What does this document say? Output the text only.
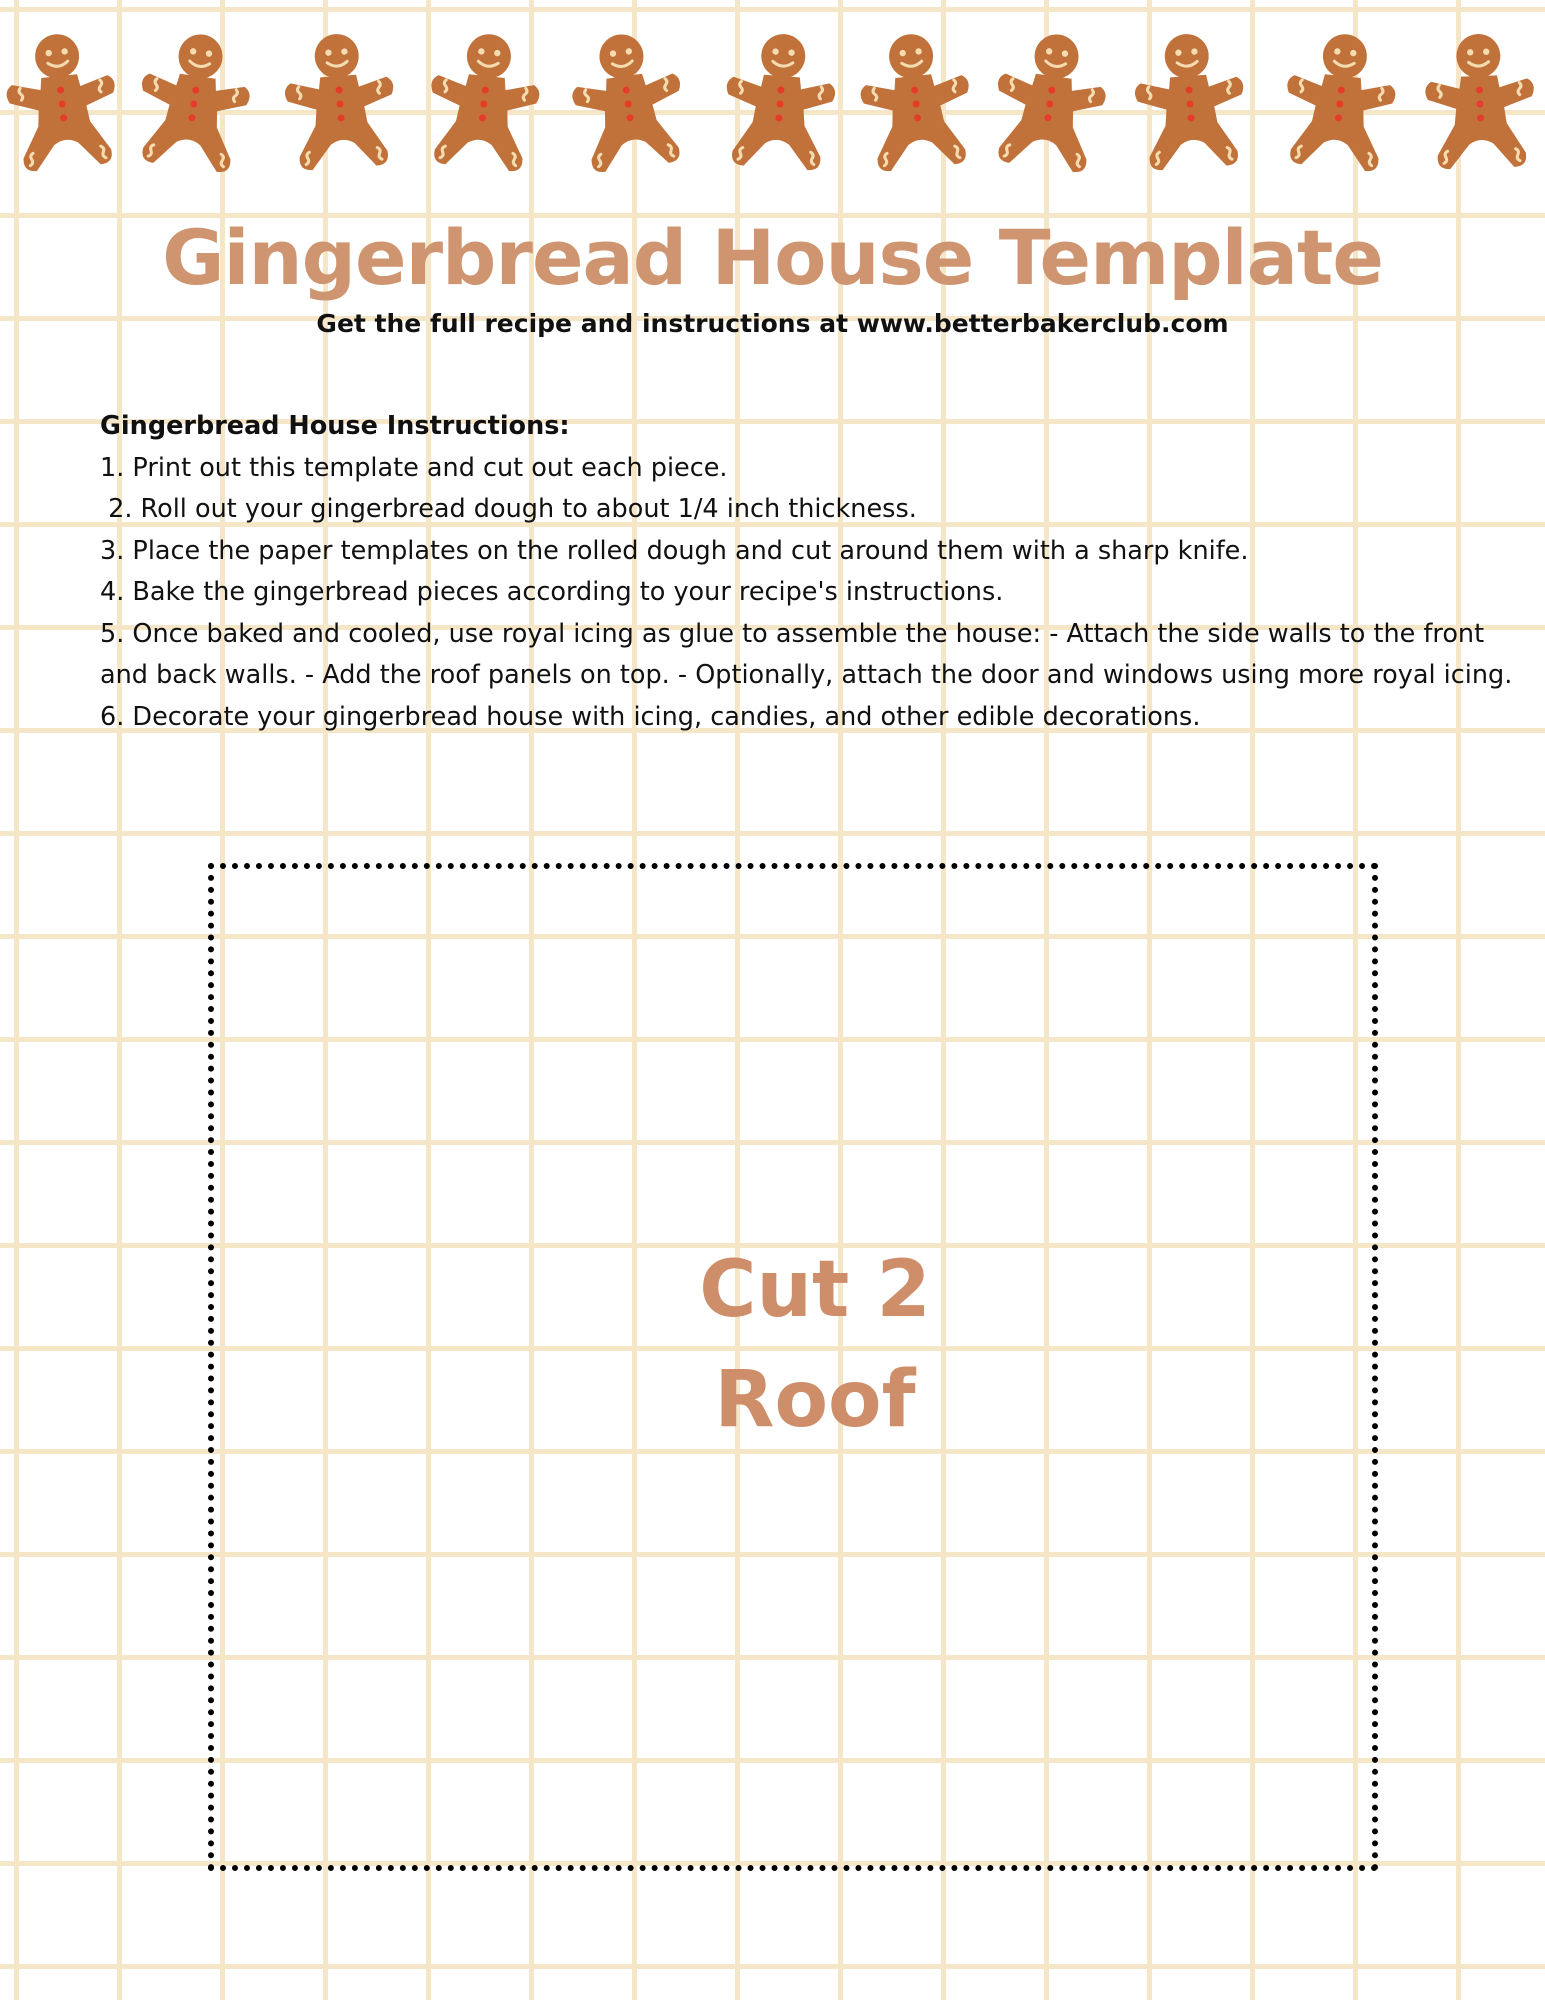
Gingerbread House Template
Get the full recipe and instructions at www.betterbakerclub.com

Gingerbread House Instructions:

1. Print out this template and cut out each piece.

2. Roll out your gingerbread dough to about 1/4 inch thickness.

3. Place the paper templates on the rolled dough and cut around them with a sharp knife.

4. Bake the gingerbread pieces according to your recipe's instructions.

5. Once baked and cooled, use royal icing as glue to assemble the house: - Attach the side walls to the front and back walls. - Add the roof panels on top. - Optionally, attach the door and windows using more royal icing.

6. Decorate your gingerbread house with icing, candies, and other edible decorations.

Cut 2
Roof
